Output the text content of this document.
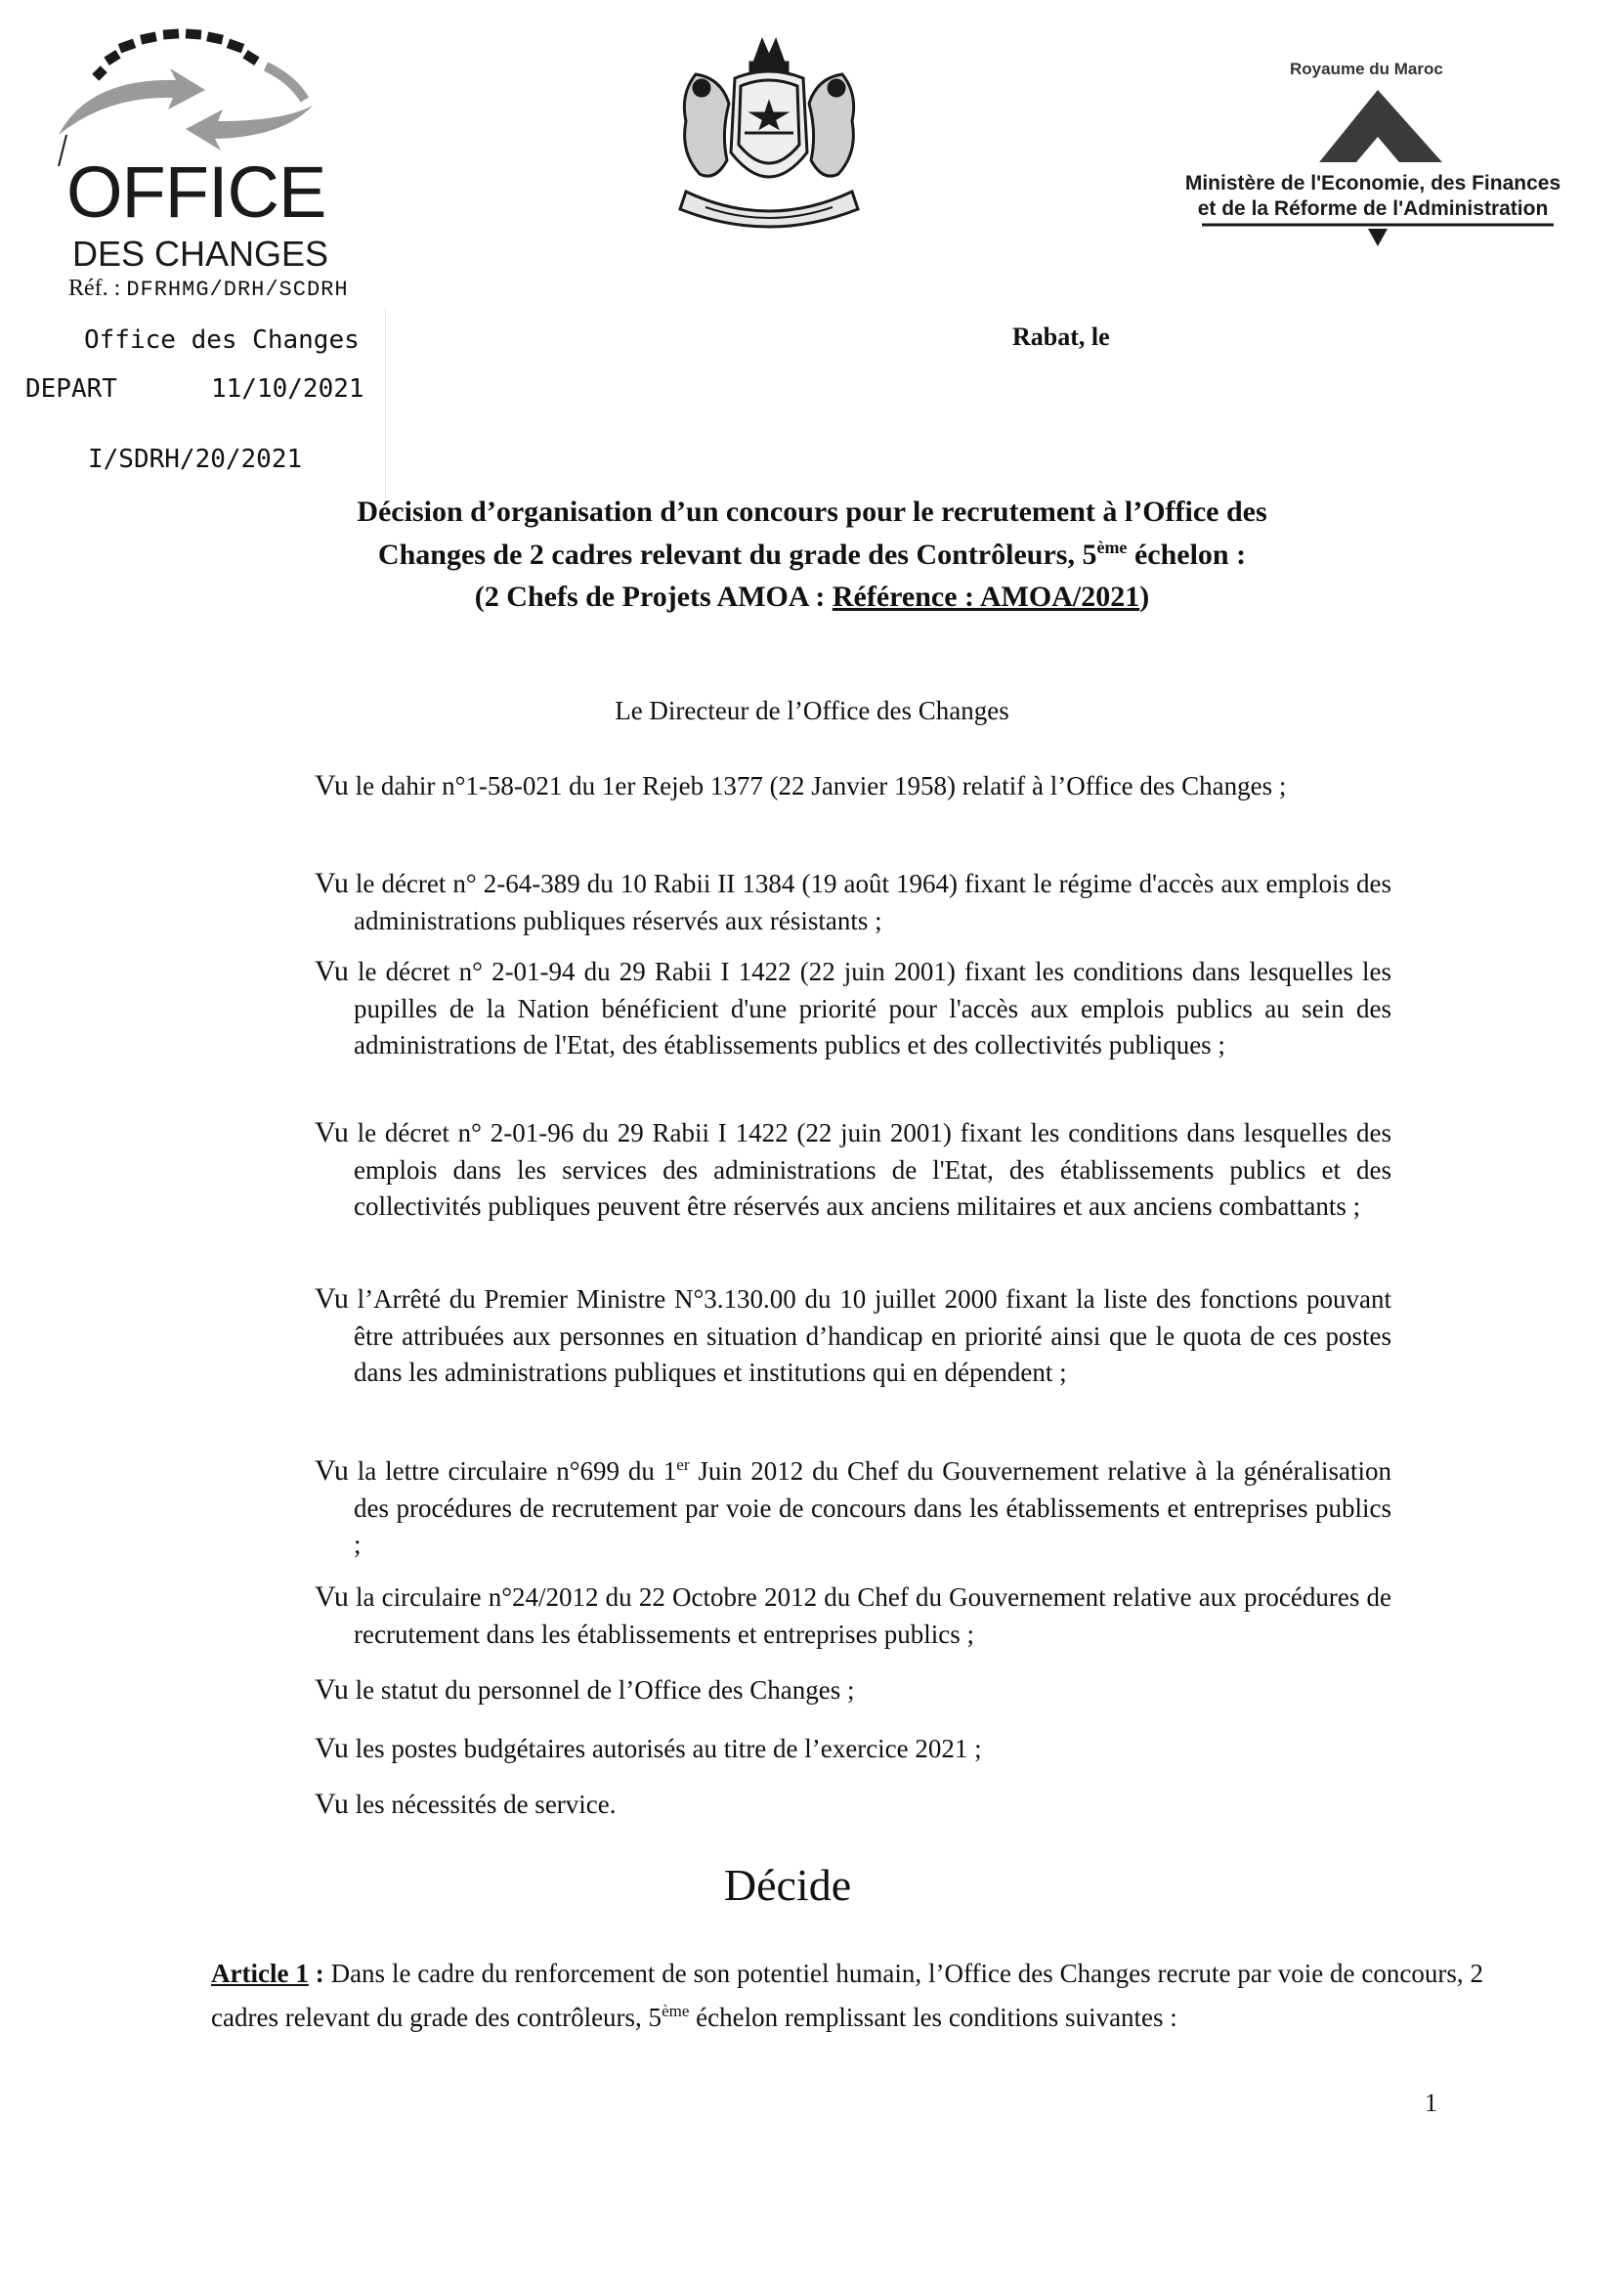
OFFICE
DES CHANGES
Réf. : DFRHMG/DRH/SCDRH
Office des Changes
DEPART	11/10/2021
I/SDRH/20/2021
Royaume du Maroc
Ministère de l'Economie, des Finances
et de la Réforme de l'Administration
Rabat, le
Décision d’organisation d’un concours pour le recrutement à l’Office des
Changes de 2 cadres relevant du grade des Contrôleurs, 5ème échelon :
(2 Chefs de Projets AMOA : Référence : AMOA/2021)
Le Directeur de l’Office des Changes
Vu le dahir n°1-58-021 du 1er Rejeb 1377 (22 Janvier 1958) relatif à l’Office des Changes ;
Vu le décret n° 2-64-389 du 10 Rabii II 1384 (19 août 1964) fixant le régime d'accès aux emplois des administrations publiques réservés aux résistants ;
Vu le décret n° 2-01-94 du 29 Rabii I 1422 (22 juin 2001) fixant les conditions dans lesquelles les pupilles de la Nation bénéficient d'une priorité pour l'accès aux emplois publics au sein des administrations de l'Etat, des établissements publics et des collectivités publiques ;
Vu le décret n° 2-01-96 du 29 Rabii I 1422 (22 juin 2001) fixant les conditions dans lesquelles des emplois dans les services des administrations de l'Etat, des établissements publics et des collectivités publiques peuvent être réservés aux anciens militaires et aux anciens combattants ;
Vu l’Arrêté du Premier Ministre N°3.130.00 du 10 juillet 2000 fixant la liste des fonctions pouvant être attribuées aux personnes en situation d’handicap en priorité ainsi que le quota de ces postes dans les administrations publiques et institutions qui en dépendent ;
Vu la lettre circulaire n°699 du 1er Juin 2012 du Chef du Gouvernement relative à la généralisation des procédures de recrutement par voie de concours dans les établissements et entreprises publics ;
Vu la circulaire n°24/2012 du 22 Octobre 2012 du Chef du Gouvernement relative aux procédures de recrutement dans les établissements et entreprises publics ;
Vu le statut du personnel de l’Office des Changes ;
Vu les postes budgétaires autorisés au titre de l’exercice 2021 ;
Vu les nécessités de service.
Décide
Article 1 : Dans le cadre du renforcement de son potentiel humain, l’Office des Changes recrute par voie de concours, 2 cadres relevant du grade des contrôleurs, 5ème échelon remplissant les conditions suivantes :
1
